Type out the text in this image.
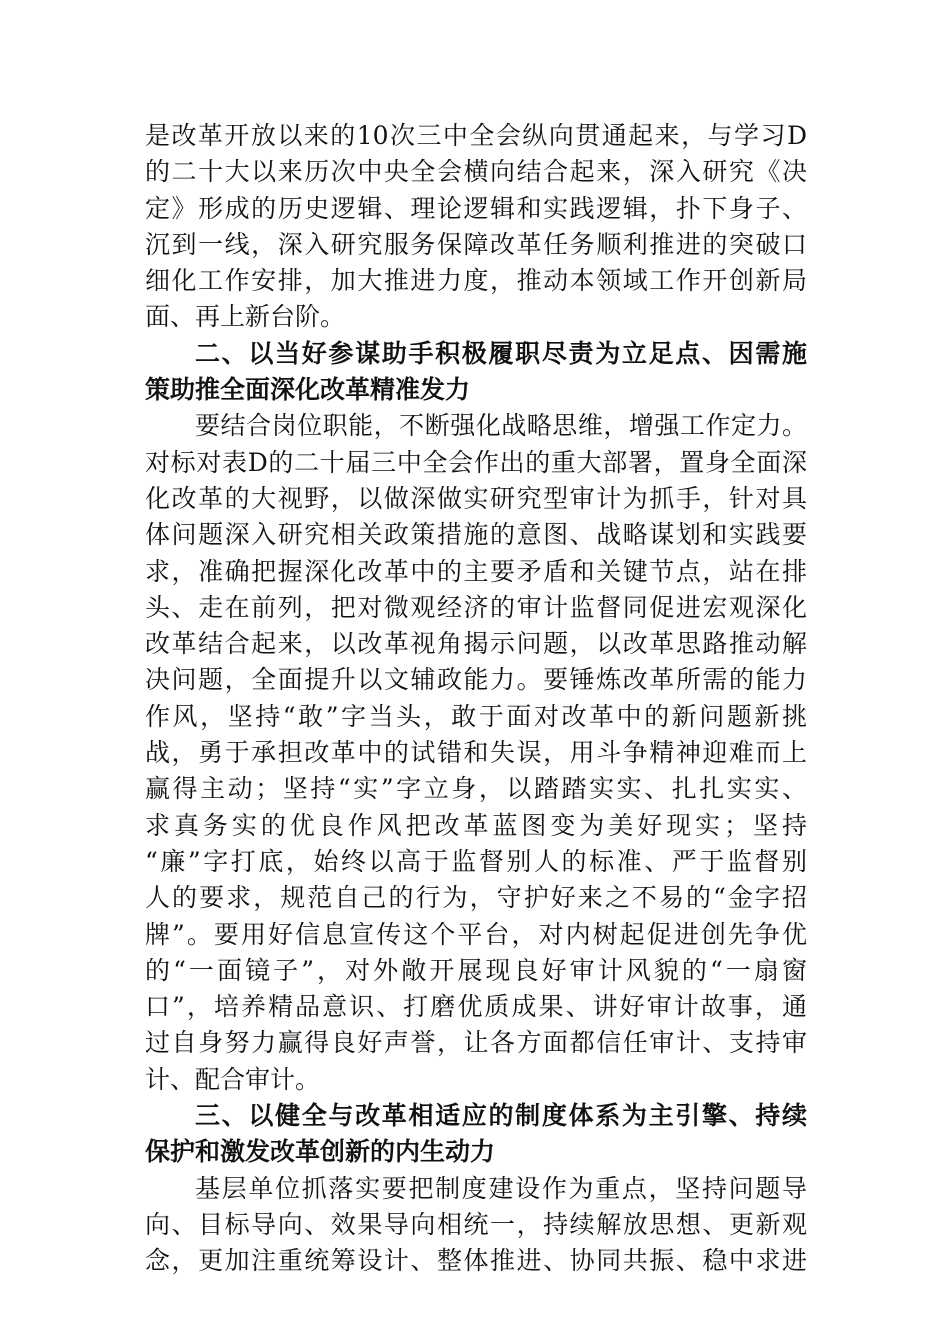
是改革开放以来的10次三中全会纵向贯通起来，与学习D

的二十大以来历次中央全会横向结合起来，深入研究《决

定》形成的历史逻辑、理论逻辑和实践逻辑，扑下身子、

沉到一线，深入研究服务保障改革任务顺利推进的突破口

细化工作安排，加大推进力度，推动本领域工作开创新局

面、再上新台阶。

二、以当好参谋助手积极履职尽责为立足点、因需施

策助推全面深化改革精准发力

要结合岗位职能，不断强化战略思维，增强工作定力。

对标对表D的二十届三中全会作出的重大部署，置身全面深

化改革的大视野，以做深做实研究型审计为抓手，针对具

体问题深入研究相关政策措施的意图、战略谋划和实践要

求，准确把握深化改革中的主要矛盾和关键节点，站在排

头、走在前列，把对微观经济的审计监督同促进宏观深化

改革结合起来，以改革视角揭示问题，以改革思路推动解

决问题，全面提升以文辅政能力。要锤炼改革所需的能力

作风，坚持“敢”字当头，敢于面对改革中的新问题新挑

战，勇于承担改革中的试错和失误，用斗争精神迎难而上

赢得主动；坚持“实”字立身，以踏踏实实、扎扎实实、

求真务实的优良作风把改革蓝图变为美好现实；坚持

“廉”字打底，始终以高于监督别人的标准、严于监督别

人的要求，规范自己的行为，守护好来之不易的“金字招

牌”。要用好信息宣传这个平台，对内树起促进创先争优

的“一面镜子”，对外敞开展现良好审计风貌的“一扇窗

口”，培养精品意识、打磨优质成果、讲好审计故事，通

过自身努力赢得良好声誉，让各方面都信任审计、支持审

计、配合审计。

三、以健全与改革相适应的制度体系为主引擎、持续

保护和激发改革创新的内生动力

基层单位抓落实要把制度建设作为重点，坚持问题导

向、目标导向、效果导向相统一，持续解放思想、更新观

念，更加注重统筹设计、整体推进、协同共振、稳中求进
